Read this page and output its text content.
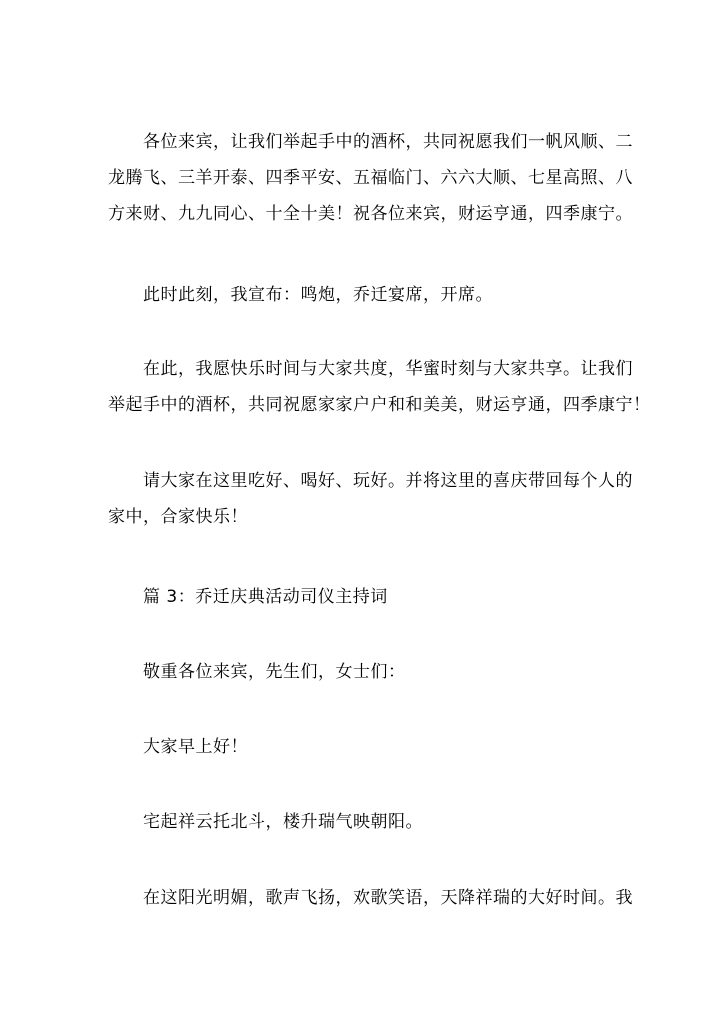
各位来宾，让我们举起手中的酒杯，共同祝愿我们一帆风顺、二
龙腾飞、三羊开泰、四季平安、五福临门、六六大顺、七星高照、八
方来财、九九同心、十全十美！祝各位来宾，财运亨通，四季康宁。

此时此刻，我宣布：鸣炮，乔迁宴席，开席。

在此，我愿快乐时间与大家共度，华蜜时刻与大家共享。让我们
举起手中的酒杯，共同祝愿家家户户和和美美，财运亨通，四季康宁！

请大家在这里吃好、喝好、玩好。并将这里的喜庆带回每个人的
家中，合家快乐！

篇 3：乔迁庆典活动司仪主持词

敬重各位来宾，先生们，女士们：

大家早上好！

宅起祥云托北斗，楼升瑞气映朝阳。

在这阳光明媚，歌声飞扬，欢歌笑语，天降祥瑞的大好时间。我
